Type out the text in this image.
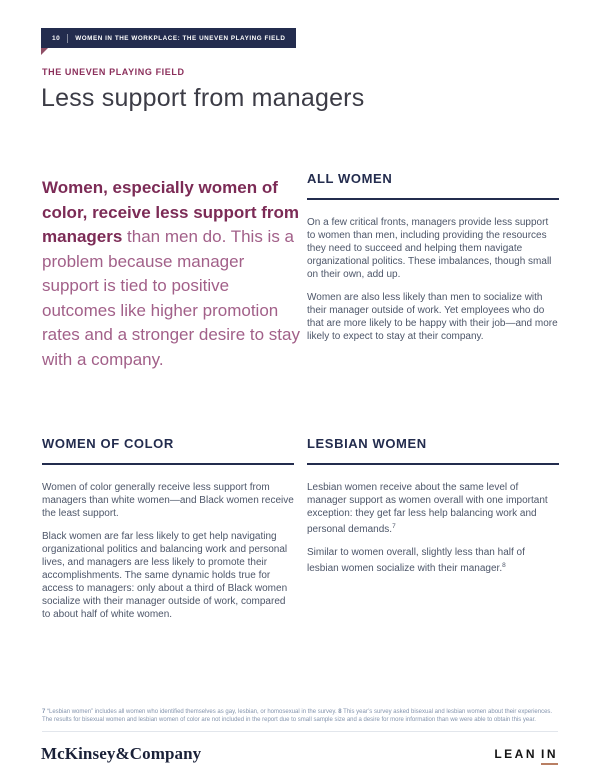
10 WOMEN IN THE WORKPLACE: THE UNEVEN PLAYING FIELD
THE UNEVEN PLAYING FIELD
Less support from managers
Women, especially women of color, receive less support from managers than men do. This is a problem because manager support is tied to positive outcomes like higher promotion rates and a stronger desire to stay with a company.
ALL WOMEN

On a few critical fronts, managers provide less support to women than men, including providing the resources they need to succeed and helping them navigate organizational politics. These imbalances, though small on their own, add up.

Women are also less likely than men to socialize with their manager outside of work. Yet employees who do that are more likely to be happy with their job—and more likely to expect to stay at their company.

WOMEN OF COLOR

Women of color generally receive less support from managers than white women—and Black women receive the least support.

Black women are far less likely to get help navigating organizational politics and balancing work and personal lives, and managers are less likely to promote their accomplishments. The same dynamic holds true for access to managers: only about a third of Black women socialize with their manager outside of work, compared to about half of white women.

LESBIAN WOMEN

Lesbian women receive about the same level of manager support as women overall with one important exception: they get far less help balancing work and personal demands.$^7$

Similar to women overall, slightly less than half of lesbian women socialize with their manager.$^8$

7 “Lesbian women” includes all women who identified themselves as gay, lesbian, or homosexual in the survey. 8 This year’s survey asked bisexual and lesbian women about their experiences. The results for bisexual women and lesbian women of color are not included in the report due to small sample size and a desire for more information than we were able to obtain this year.
McKinsey&Company	LEAN IN
